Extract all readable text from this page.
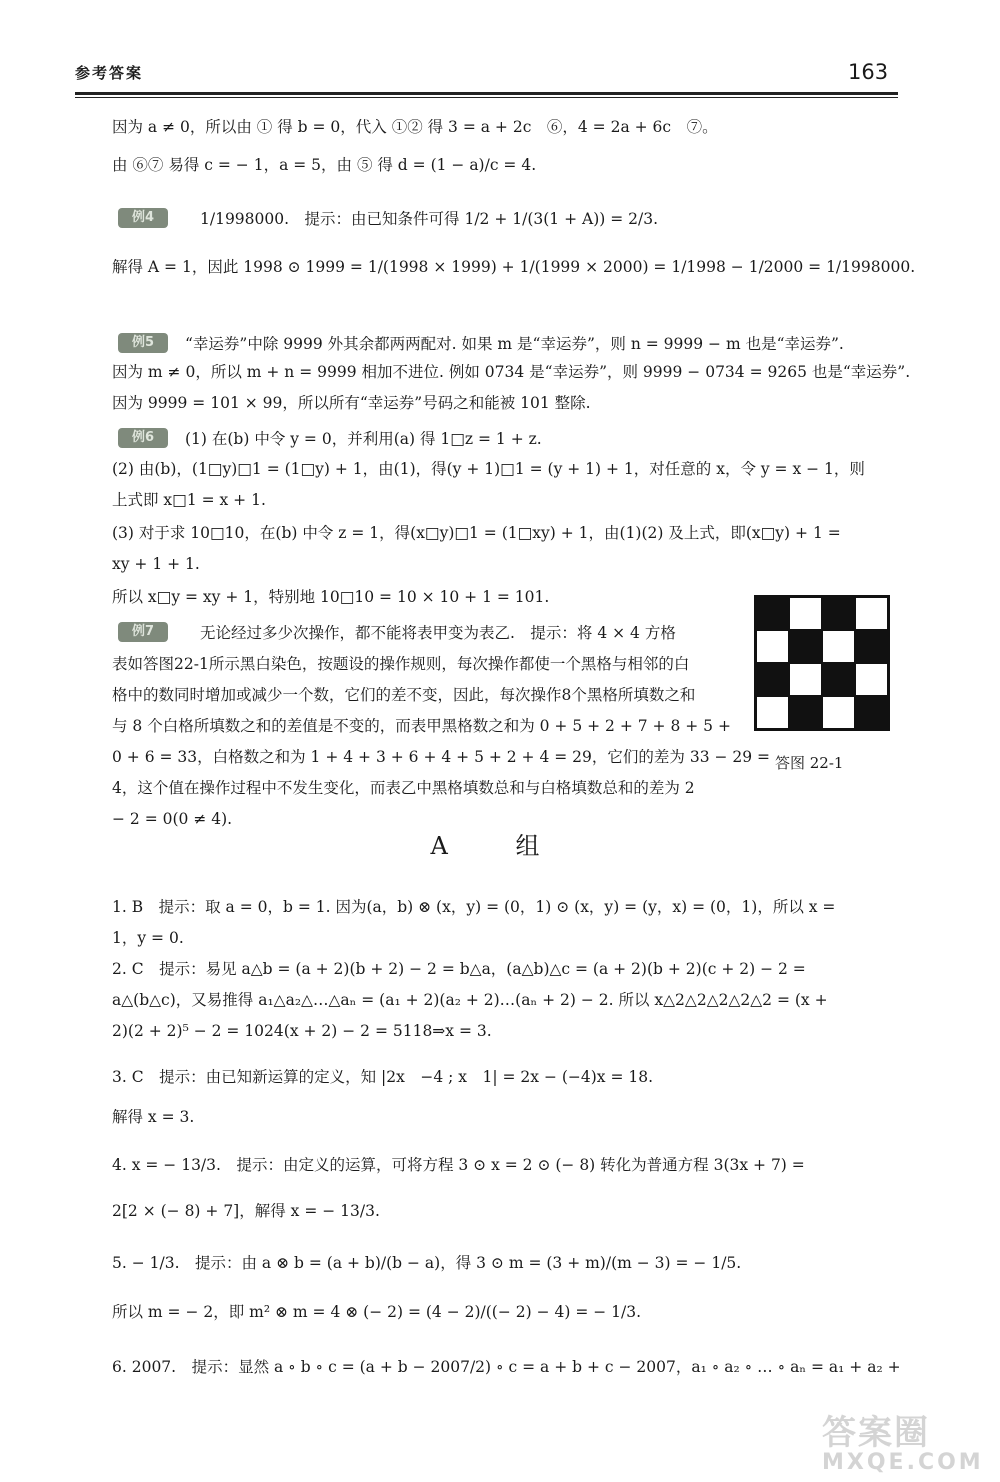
参考答案	163
因为 a ≠ 0，所以由 ① 得 b = 0，代入 ①② 得 3 = a + 2c　⑥，4 = 2a + 6c　⑦。
由 ⑥⑦ 易得 c = − 1，a = 5，由 ⑤ 得 d = (1 − a)/c = 4.
解得 A = 1，因此 1998 ⊙ 1999 = 1/(1998 × 1999) + 1/(1999 × 2000) = 1/1998 − 1/2000 = 1/1998000.
因为 m ≠ 0，所以 m + n = 9999 相加不进位. 例如 0734 是“幸运券”，则 9999 − 0734 = 9265 也是“幸运券”.
因为 9999 = 101 × 99，所以所有“幸运券”号码之和能被 101 整除.
(2) 由(b)，(1□y)□1 = (1□y) + 1，由(1)，得(y + 1)□1 = (y + 1) + 1，对任意的 x，令 y = x − 1，则
上式即 x□1 = x + 1.
(3) 对于求 10□10，在(b) 中令 z = 1，得(x□y)□1 = (1□xy) + 1，由(1)(2) 及上式，即(x□y) + 1 =
xy + 1 + 1.
所以 x□y = xy + 1，特别地 10□10 = 10 × 10 + 1 = 101.
例4	1/1998000.　提示：由已知条件可得 1/2 + 1/(3(1 + A)) = 2/3.
例5	“幸运券”中除 9999 外其余都两两配对. 如果 m 是“幸运券”，则 n = 9999 − m 也是“幸运券”.
例6	(1) 在(b) 中令 y = 0，并利用(a) 得 1□z = 1 + z.
例7	无论经过多少次操作，都不能将表甲变为表乙.　提示：将 4 × 4 方格
表如答图22-1所示黑白染色，按题设的操作规则，每次操作都使一个黑格与相邻的白
格中的数同时增加或减少一个数，它们的差不变，因此，每次操作8个黑格所填数之和
与 8 个白格所填数之和的差值是不变的，而表甲黑格数之和为 0 + 5 + 2 + 7 + 8 + 5 +
0 + 6 = 33，白格数之和为 1 + 4 + 3 + 6 + 4 + 5 + 2 + 4 = 29，它们的差为 33 − 29 =
4，这个值在操作过程中不发生变化，而表乙中黑格填数总和与白格填数总和的差为 2
− 2 = 0(0 ≠ 4).
答图 22-1
A 组
1. B　提示：取 a = 0，b = 1. 因为(a，b) ⊗ (x，y) = (0，1) ⊙ (x，y) = (y，x) = (0，1)，所以 x =
1，y = 0.
2. C　提示：易见 a△b = (a + 2)(b + 2) − 2 = b△a，(a△b)△c = (a + 2)(b + 2)(c + 2) − 2 =
a△(b△c)，又易推得 a₁△a₂△…△aₙ = (a₁ + 2)(a₂ + 2)…(aₙ + 2) − 2. 所以 x△2△2△2△2△2 = (x +
2)(2 + 2)⁵ − 2 = 1024(x + 2) − 2 = 5118⇒x = 3.
3. C　提示：由已知新运算的定义，知 |2x　−4 ; x　1| = 2x − (−4)x = 18.
解得 x = 3.
4. x = − 13/3.　提示：由定义的运算，可将方程 3 ⊙ x = 2 ⊙ (− 8) 转化为普通方程 3(3x + 7) =
2[2 × (− 8) + 7]，解得 x = − 13/3.
5. − 1/3.　提示：由 a ⊗ b = (a + b)/(b − a)，得 3 ⊙ m = (3 + m)/(m − 3) = − 1/5.
所以 m = − 2，即 m² ⊗ m = 4 ⊗ (− 2) = (4 − 2)/((− 2) − 4) = − 1/3.
6. 2007.　提示：显然 a ∘ b ∘ c = (a + b − 2007/2) ∘ c = a + b + c − 2007，a₁ ∘ a₂ ∘ … ∘ aₙ = a₁ + a₂ +
答案圈
MXQE.COM
